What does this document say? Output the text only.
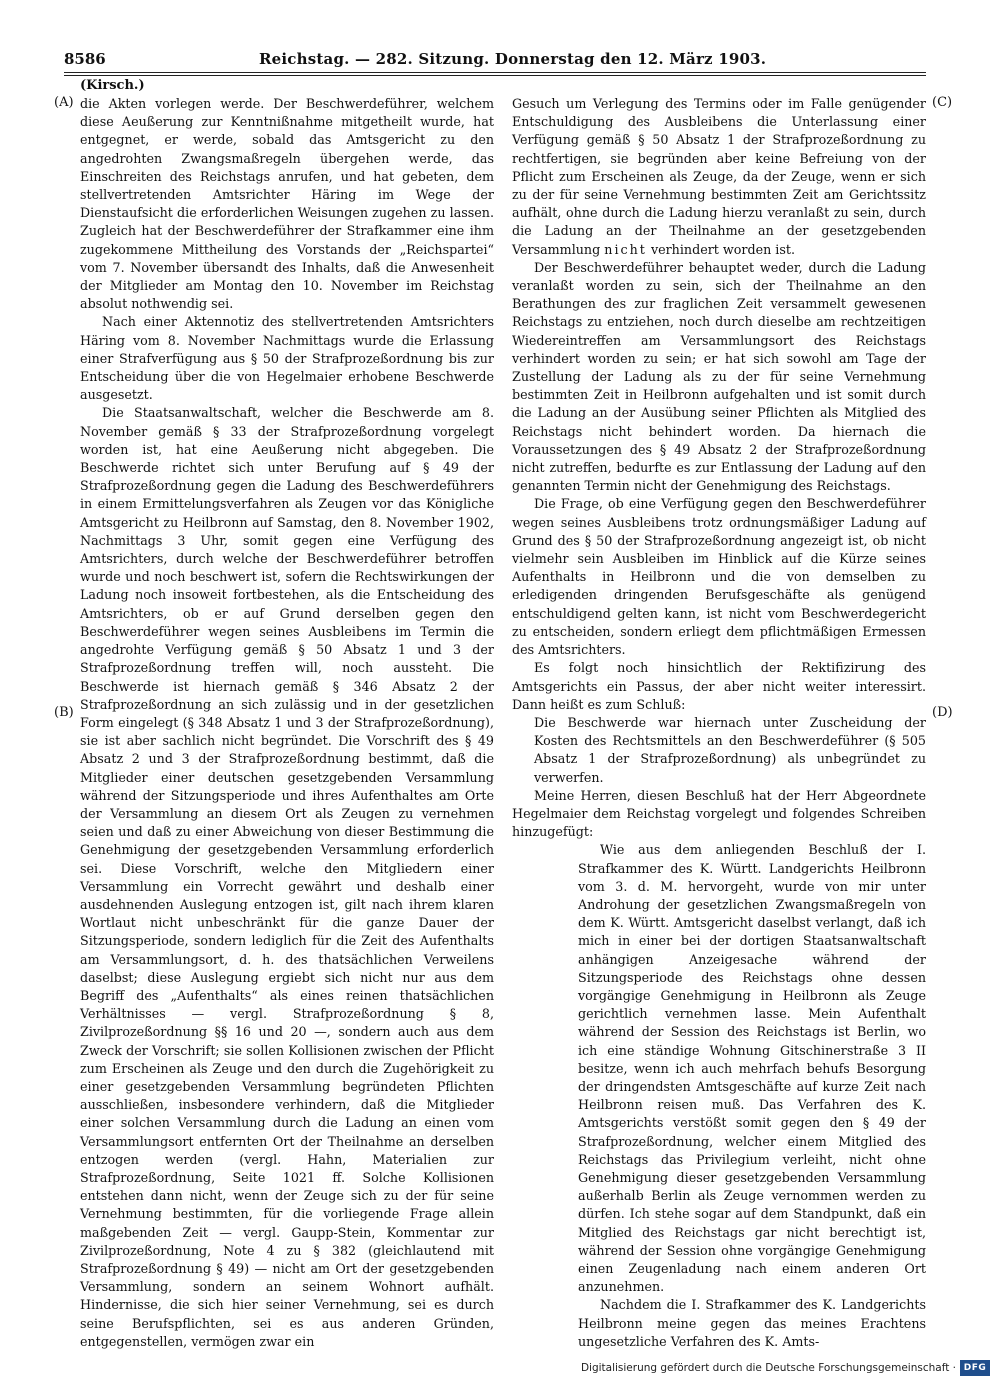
8586	Reichstag. — 282. Sitzung. Donnerstag den 12. März 1903.
(Kirsch.)
(A)
(B)
(C)
(D)

die Akten vorlegen werde. Der Beschwerdeführer, welchem diese Aeußerung zur Kenntnißnahme mitgetheilt wurde, hat entgegnet, er werde, sobald das Amtsgericht zu den angedrohten Zwangsmaßregeln übergehen werde, das Einschreiten des Reichstags anrufen, und hat gebeten, dem stellvertretenden Amtsrichter Häring im Wege der Dienstaufsicht die erforderlichen Weisungen zugehen zu lassen. Zugleich hat der Beschwerdeführer der Strafkammer eine ihm zugekommene Mittheilung des Vorstands der „Reichspartei“ vom 7. November übersandt des Inhalts, daß die Anwesenheit der Mitglieder am Montag den 10. November im Reichstag absolut nothwendig sei.

Nach einer Aktennotiz des stellvertretenden Amtsrichters Häring vom 8. November Nachmittags wurde die Erlassung einer Strafverfügung aus § 50 der Strafprozeßordnung bis zur Entscheidung über die von Hegelmaier erhobene Beschwerde ausgesetzt.

Die Staatsanwaltschaft, welcher die Beschwerde am 8. November gemäß § 33 der Strafprozeßordnung vorgelegt worden ist, hat eine Aeußerung nicht abgegeben. Die Beschwerde richtet sich unter Berufung auf § 49 der Strafprozeßordnung gegen die Ladung des Beschwerdeführers in einem Ermittelungsverfahren als Zeugen vor das Königliche Amtsgericht zu Heilbronn auf Samstag, den 8. November 1902, Nachmittags 3 Uhr, somit gegen eine Verfügung des Amtsrichters, durch welche der Beschwerdeführer betroffen wurde und noch beschwert ist, sofern die Rechtswirkungen der Ladung noch insoweit fortbestehen, als die Entscheidung des Amtsrichters, ob er auf Grund derselben gegen den Beschwerdeführer wegen seines Ausbleibens im Termin die angedrohte Verfügung gemäß § 50 Absatz 1 und 3 der Strafprozeßordnung treffen will, noch aussteht. Die Beschwerde ist hiernach gemäß § 346 Absatz 2 der Strafprozeßordnung an sich zulässig und in der gesetzlichen Form eingelegt (§ 348 Absatz 1 und 3 der Strafprozeßordnung), sie ist aber sachlich nicht begründet. Die Vorschrift des § 49 Absatz 2 und 3 der Strafprozeßordnung bestimmt, daß die Mitglieder einer deutschen gesetzgebenden Versammlung während der Sitzungsperiode und ihres Aufenthaltes am Orte der Versammlung an diesem Ort als Zeugen zu vernehmen seien und daß zu einer Abweichung von dieser Bestimmung die Genehmigung der gesetzgebenden Versammlung erforderlich sei. Diese Vorschrift, welche den Mitgliedern einer Versammlung ein Vorrecht gewährt und deshalb einer ausdehnenden Auslegung entzogen ist, gilt nach ihrem klaren Wortlaut nicht unbeschränkt für die ganze Dauer der Sitzungsperiode, sondern lediglich für die Zeit des Aufenthalts am Versammlungsort, d. h. des thatsächlichen Verweilens daselbst; diese Auslegung ergiebt sich nicht nur aus dem Begriff des „Aufenthalts“ als eines reinen thatsächlichen Verhältnisses — vergl. Strafprozeßordnung § 8, Zivilprozeßordnung §§ 16 und 20 —, sondern auch aus dem Zweck der Vorschrift; sie sollen Kollisionen zwischen der Pflicht zum Erscheinen als Zeuge und den durch die Zugehörigkeit zu einer gesetzgebenden Versammlung begründeten Pflichten ausschließen, insbesondere verhindern, daß die Mitglieder einer solchen Versammlung durch die Ladung an einen vom Versammlungsort entfernten Ort der Theilnahme an derselben entzogen werden (vergl. Hahn, Materialien zur Strafprozeßordnung, Seite 1021 ff. Solche Kollisionen entstehen dann nicht, wenn der Zeuge sich zu der für seine Vernehmung bestimmten, für die vorliegende Frage allein maßgebenden Zeit — vergl. Gaupp-Stein, Kommentar zur Zivilprozeßordnung, Note 4 zu § 382 (gleichlautend mit Strafprozeßordnung § 49) — nicht am Ort der gesetzgebenden Versammlung, sondern an seinem Wohnort aufhält. Hindernisse, die sich hier seiner Vernehmung, sei es durch seine Berufspflichten, sei es aus anderen Gründen, entgegenstellen, vermögen zwar ein

Gesuch um Verlegung des Termins oder im Falle genügender Entschuldigung des Ausbleibens die Unterlassung einer Verfügung gemäß § 50 Absatz 1 der Strafprozeßordnung zu rechtfertigen, sie begründen aber keine Befreiung von der Pflicht zum Erscheinen als Zeuge, da der Zeuge, wenn er sich zu der für seine Vernehmung bestimmten Zeit am Gerichtssitz aufhält, ohne durch die Ladung hierzu veranlaßt zu sein, durch die Ladung an der Theilnahme an der gesetzgebenden Versammlung nicht verhindert worden ist.

Der Beschwerdeführer behauptet weder, durch die Ladung veranlaßt worden zu sein, sich der Theilnahme an den Berathungen des zur fraglichen Zeit versammelt gewesenen Reichstags zu entziehen, noch durch dieselbe am rechtzeitigen Wiedereintreffen am Versammlungsort des Reichstags verhindert worden zu sein; er hat sich sowohl am Tage der Zustellung der Ladung als zu der für seine Vernehmung bestimmten Zeit in Heilbronn aufgehalten und ist somit durch die Ladung an der Ausübung seiner Pflichten als Mitglied des Reichstags nicht behindert worden. Da hiernach die Voraussetzungen des § 49 Absatz 2 der Strafprozeßordnung nicht zutreffen, bedurfte es zur Entlassung der Ladung auf den genannten Termin nicht der Genehmigung des Reichstags.

Die Frage, ob eine Verfügung gegen den Beschwerdeführer wegen seines Ausbleibens trotz ordnungsmäßiger Ladung auf Grund des § 50 der Strafprozeßordnung angezeigt ist, ob nicht vielmehr sein Ausbleiben im Hinblick auf die Kürze seines Aufenthalts in Heilbronn und die von demselben zu erledigenden dringenden Berufsgeschäfte als genügend entschuldigend gelten kann, ist nicht vom Beschwerdegericht zu entscheiden, sondern erliegt dem pflichtmäßigen Ermessen des Amtsrichters.

Es folgt noch hinsichtlich der Rektifizirung des Amtsgerichts ein Passus, der aber nicht weiter interessirt. Dann heißt es zum Schluß:

Die Beschwerde war hiernach unter Zuscheidung der Kosten des Rechtsmittels an den Beschwerdeführer (§ 505 Absatz 1 der Strafprozeßordnung) als unbegründet zu verwerfen.

Meine Herren, diesen Beschluß hat der Herr Abgeordnete Hegelmaier dem Reichstag vorgelegt und folgendes Schreiben hinzugefügt:

Wie aus dem anliegenden Beschluß der I. Strafkammer des K. Württ. Landgerichts Heilbronn vom 3. d. M. hervorgeht, wurde von mir unter Androhung der gesetzlichen Zwangsmaßregeln von dem K. Württ. Amtsgericht daselbst verlangt, daß ich mich in einer bei der dortigen Staatsanwaltschaft anhängigen Anzeigesache während der Sitzungsperiode des Reichstags ohne dessen vorgängige Genehmigung in Heilbronn als Zeuge gerichtlich vernehmen lasse. Mein Aufenthalt während der Session des Reichstags ist Berlin, wo ich eine ständige Wohnung Gitschinerstraße 3 II besitze, wenn ich auch mehrfach behufs Besorgung der dringendsten Amtsgeschäfte auf kurze Zeit nach Heilbronn reisen muß. Das Verfahren des K. Amtsgerichts verstößt somit gegen den § 49 der Strafprozeßordnung, welcher einem Mitglied des Reichstags das Privilegium verleiht, nicht ohne Genehmigung dieser gesetzgebenden Versammlung außerhalb Berlin als Zeuge vernommen werden zu dürfen. Ich stehe sogar auf dem Standpunkt, daß ein Mitglied des Reichstags gar nicht berechtigt ist, während der Session ohne vorgängige Genehmigung einen Zeugenladung nach einem anderen Ort anzunehmen.

Nachdem die I. Strafkammer des K. Landgerichts Heilbronn meine gegen das meines Erachtens ungesetzliche Verfahren des K. Amts-

Digitalisierung gefördert durch die Deutsche Forschungsgemeinschaft · DFG
